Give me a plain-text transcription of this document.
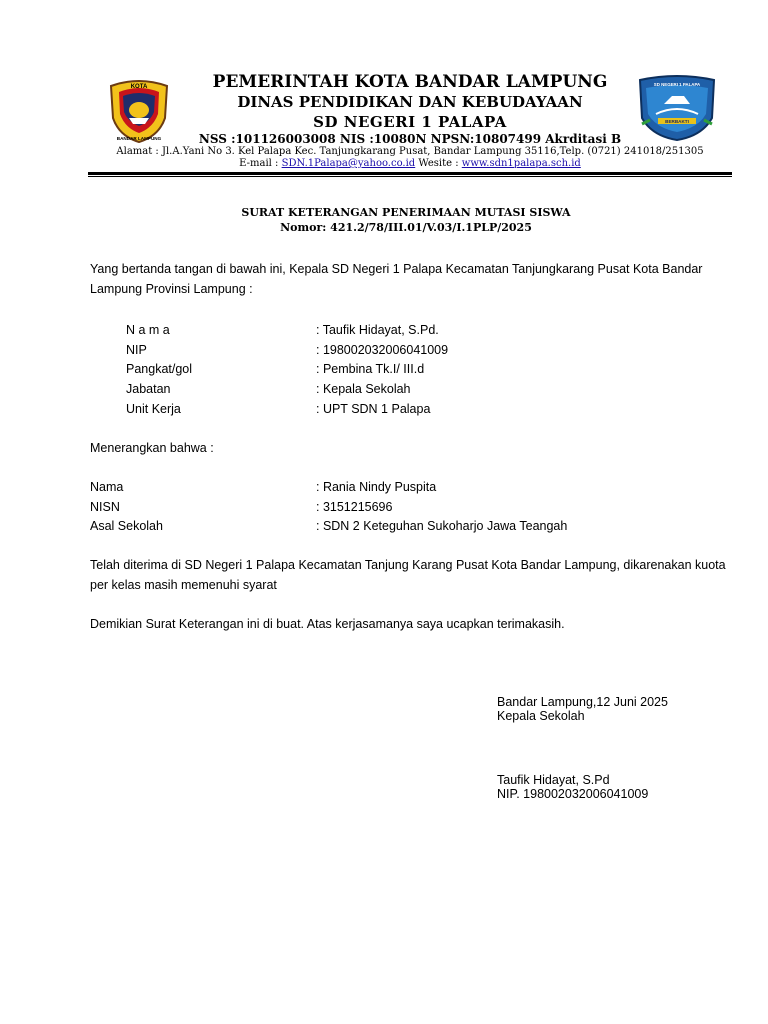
KOTA
BANDAR LAMPUNG
PEMERINTAH KOTA BANDAR LAMPUNG
DINAS PENDIDIKAN DAN KEBUDAYAAN
SD NEGERI 1 PALAPA
NSS :101126003008 NIS :10080N NPSN:10807499 Akrditasi B
Alamat : Jl.A.Yani No 3. Kel Palapa Kec. Tanjungkarang Pusat, Bandar Lampung 35116,Telp. (0721) 241018/251305
E-mail : SDN.1Palapa@yahoo.co.id Wesite : www.sdn1palapa.sch.id
SD NEGERI 1 PALAPA
BERBAKTI
SURAT KETERANGAN PENERIMAAN MUTASI SISWA
Nomor: 421.2/78/III.01/V.03/I.1PLP/2025
Yang bertanda tangan di bawah ini, Kepala SD Negeri 1 Palapa Kecamatan Tanjungkarang Pusat Kota Bandar Lampung Provinsi Lampung :
N a m a	: Taufik Hidayat, S.Pd.
NIP	: 198002032006041009
Pangkat/gol	: Pembina Tk.I/ III.d
Jabatan	: Kepala Sekolah
Unit Kerja	: UPT SDN 1 Palapa
Menerangkan bahwa :
Nama	: Rania Nindy Puspita
NISN	: 3151215696
Asal Sekolah	: SDN 2 Keteguhan Sukoharjo Jawa Teangah
Telah diterima di SD Negeri 1 Palapa Kecamatan Tanjung Karang Pusat Kota Bandar Lampung, dikarenakan kuota per kelas masih memenuhi syarat
Demikian Surat Keterangan ini di buat. Atas kerjasamanya saya ucapkan terimakasih.
Bandar Lampung,12 Juni 2025
Kepala Sekolah
Taufik Hidayat, S.Pd
NIP. 198002032006041009
